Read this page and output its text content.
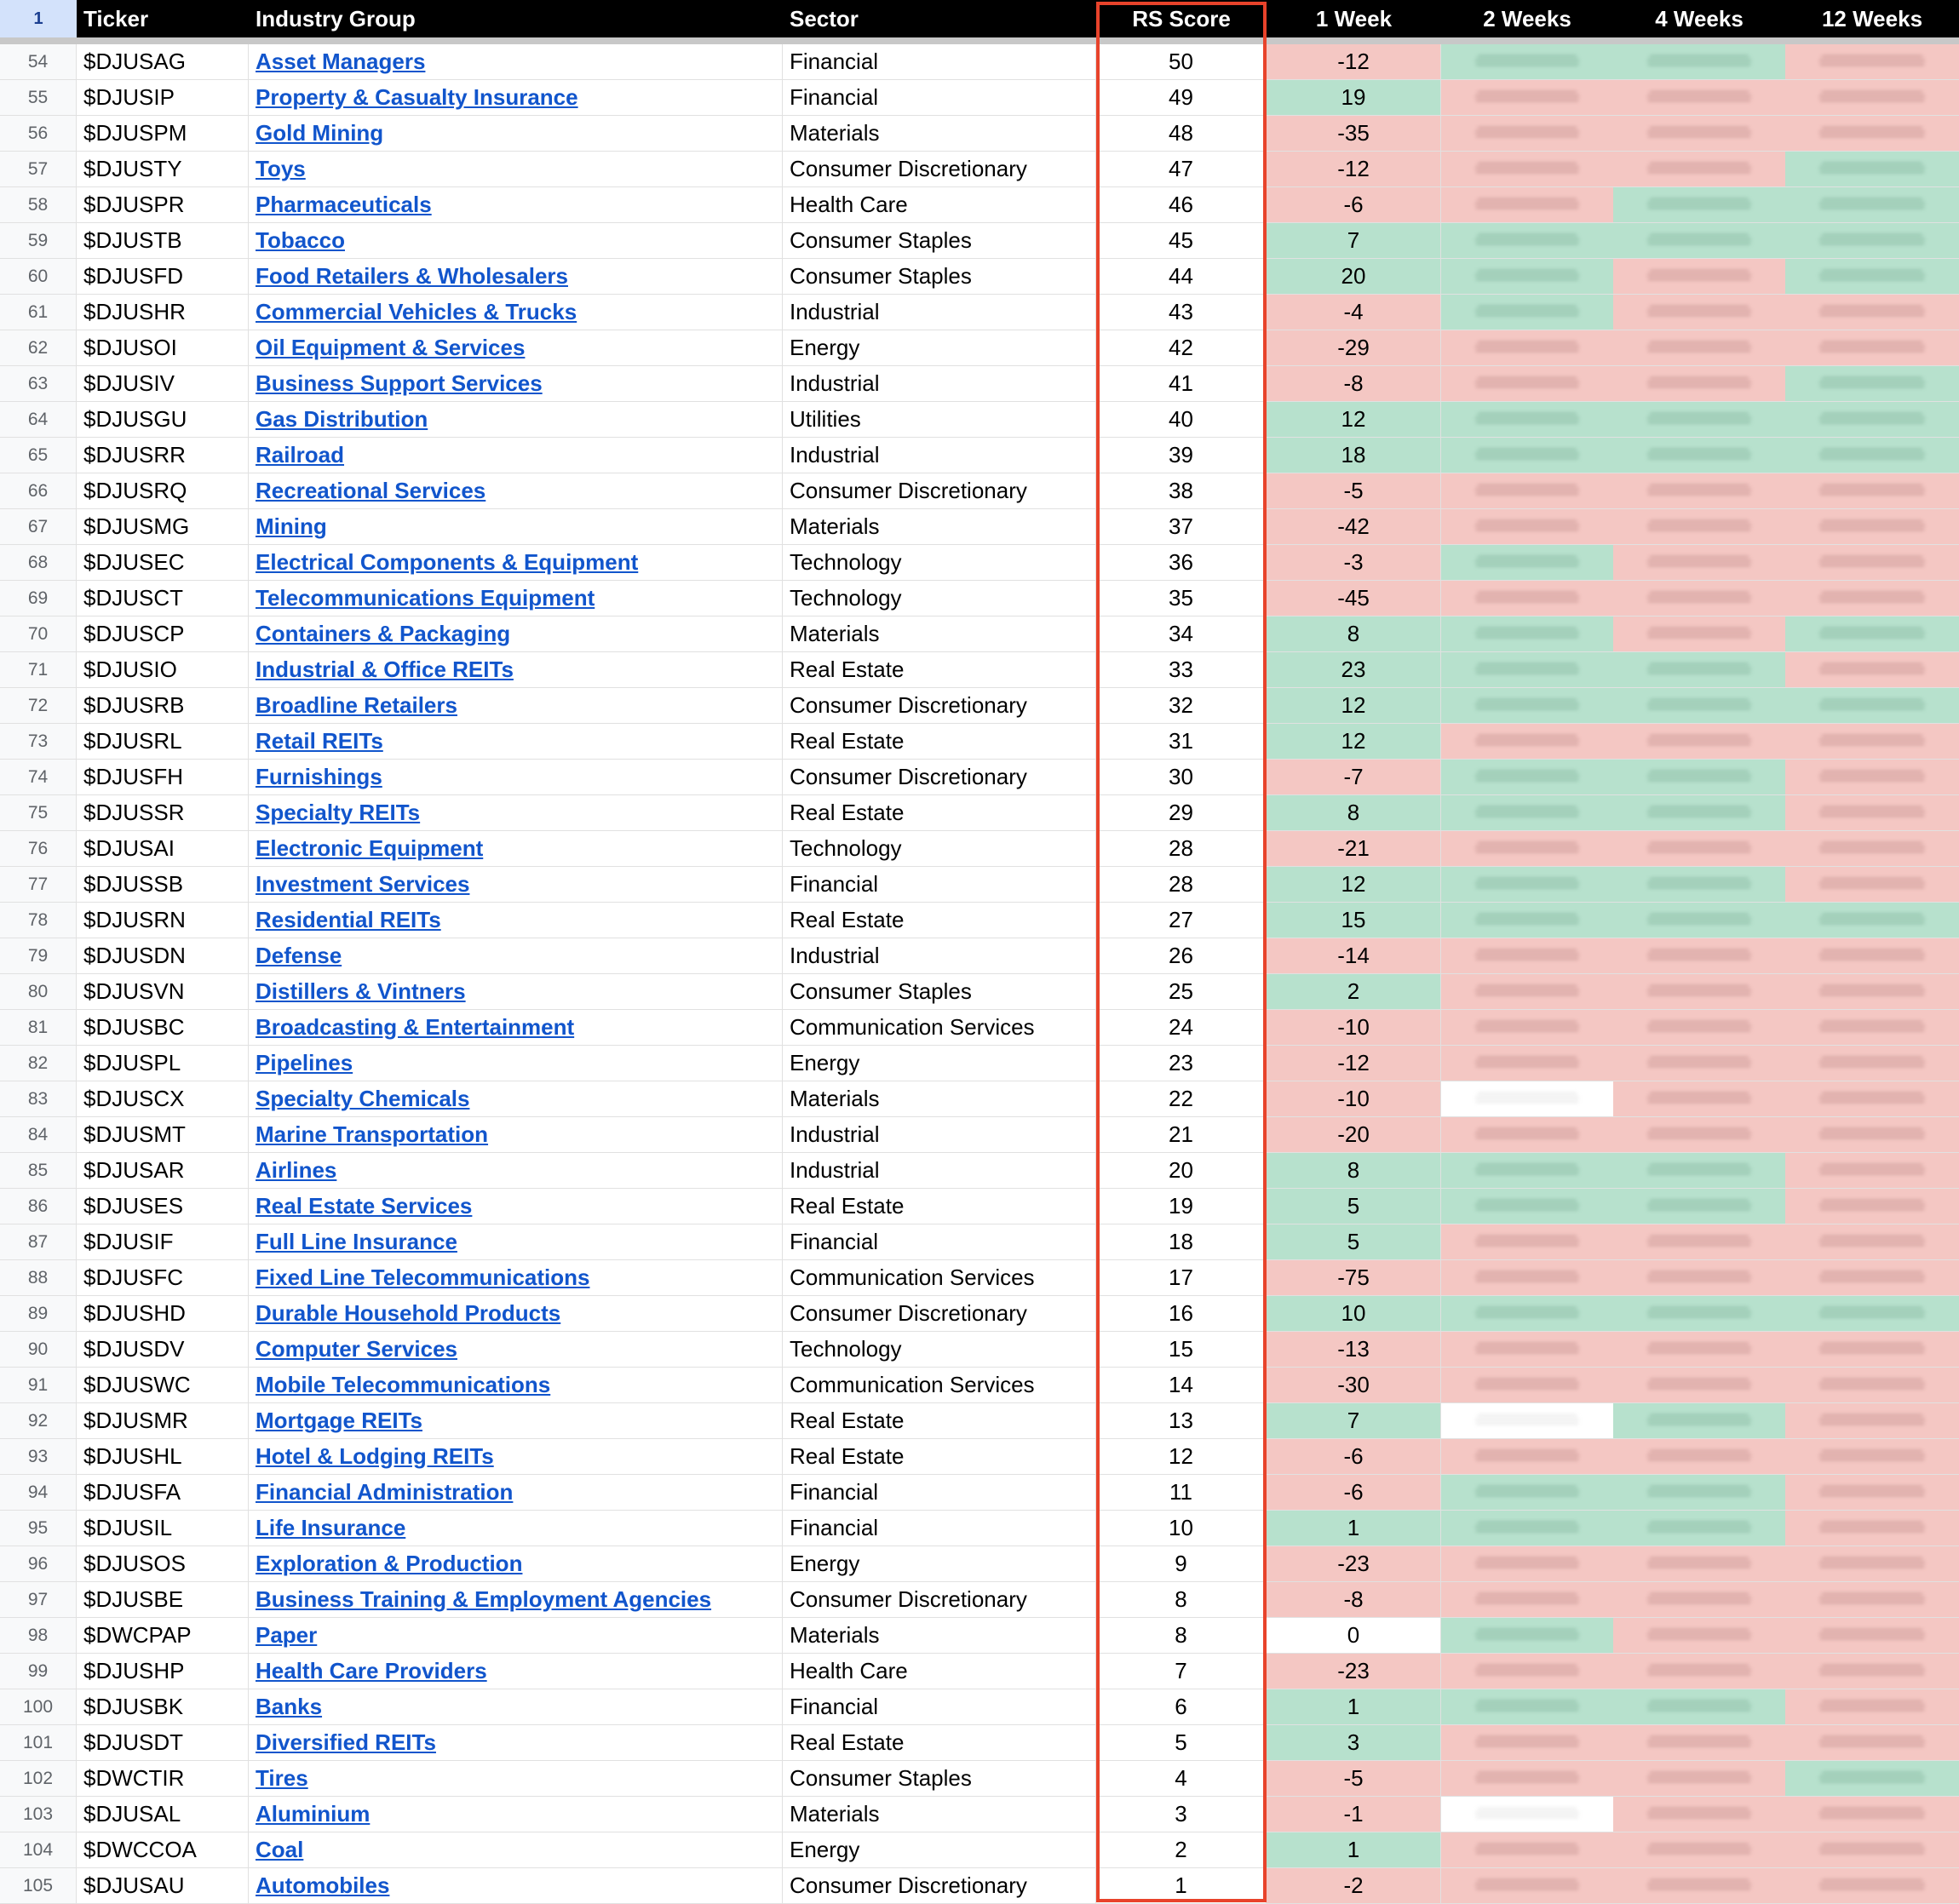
1	Ticker	Industry Group	Sector	RS Score	1 Week	2 Weeks	4 Weeks	12 Weeks
54	$DJUSAG	Asset Managers	Financial	50	-12
55	$DJUSIP	Property & Casualty Insurance	Financial	49	19
56	$DJUSPM	Gold Mining	Materials	48	-35
57	$DJUSTY	Toys	Consumer Discretionary	47	-12
58	$DJUSPR	Pharmaceuticals	Health Care	46	-6
59	$DJUSTB	Tobacco	Consumer Staples	45	7
60	$DJUSFD	Food Retailers & Wholesalers	Consumer Staples	44	20
61	$DJUSHR	Commercial Vehicles & Trucks	Industrial	43	-4
62	$DJUSOI	Oil Equipment & Services	Energy	42	-29
63	$DJUSIV	Business Support Services	Industrial	41	-8
64	$DJUSGU	Gas Distribution	Utilities	40	12
65	$DJUSRR	Railroad	Industrial	39	18
66	$DJUSRQ	Recreational Services	Consumer Discretionary	38	-5
67	$DJUSMG	Mining	Materials	37	-42
68	$DJUSEC	Electrical Components & Equipment	Technology	36	-3
69	$DJUSCT	Telecommunications Equipment	Technology	35	-45
70	$DJUSCP	Containers & Packaging	Materials	34	8
71	$DJUSIO	Industrial & Office REITs	Real Estate	33	23
72	$DJUSRB	Broadline Retailers	Consumer Discretionary	32	12
73	$DJUSRL	Retail REITs	Real Estate	31	12
74	$DJUSFH	Furnishings	Consumer Discretionary	30	-7
75	$DJUSSR	Specialty REITs	Real Estate	29	8
76	$DJUSAI	Electronic Equipment	Technology	28	-21
77	$DJUSSB	Investment Services	Financial	28	12
78	$DJUSRN	Residential REITs	Real Estate	27	15
79	$DJUSDN	Defense	Industrial	26	-14
80	$DJUSVN	Distillers & Vintners	Consumer Staples	25	2
81	$DJUSBC	Broadcasting & Entertainment	Communication Services	24	-10
82	$DJUSPL	Pipelines	Energy	23	-12
83	$DJUSCX	Specialty Chemicals	Materials	22	-10
84	$DJUSMT	Marine Transportation	Industrial	21	-20
85	$DJUSAR	Airlines	Industrial	20	8
86	$DJUSES	Real Estate Services	Real Estate	19	5
87	$DJUSIF	Full Line Insurance	Financial	18	5
88	$DJUSFC	Fixed Line Telecommunications	Communication Services	17	-75
89	$DJUSHD	Durable Household Products	Consumer Discretionary	16	10
90	$DJUSDV	Computer Services	Technology	15	-13
91	$DJUSWC	Mobile Telecommunications	Communication Services	14	-30
92	$DJUSMR	Mortgage REITs	Real Estate	13	7
93	$DJUSHL	Hotel & Lodging REITs	Real Estate	12	-6
94	$DJUSFA	Financial Administration	Financial	11	-6
95	$DJUSIL	Life Insurance	Financial	10	1
96	$DJUSOS	Exploration & Production	Energy	9	-23
97	$DJUSBE	Business Training & Employment Agencies	Consumer Discretionary	8	-8
98	$DWCPAP	Paper	Materials	8	0
99	$DJUSHP	Health Care Providers	Health Care	7	-23
100	$DJUSBK	Banks	Financial	6	1
101	$DJUSDT	Diversified REITs	Real Estate	5	3
102	$DWCTIR	Tires	Consumer Staples	4	-5
103	$DJUSAL	Aluminium	Materials	3	-1
104	$DWCCOA	Coal	Energy	2	1
105	$DJUSAU	Automobiles	Consumer Discretionary	1	-2
